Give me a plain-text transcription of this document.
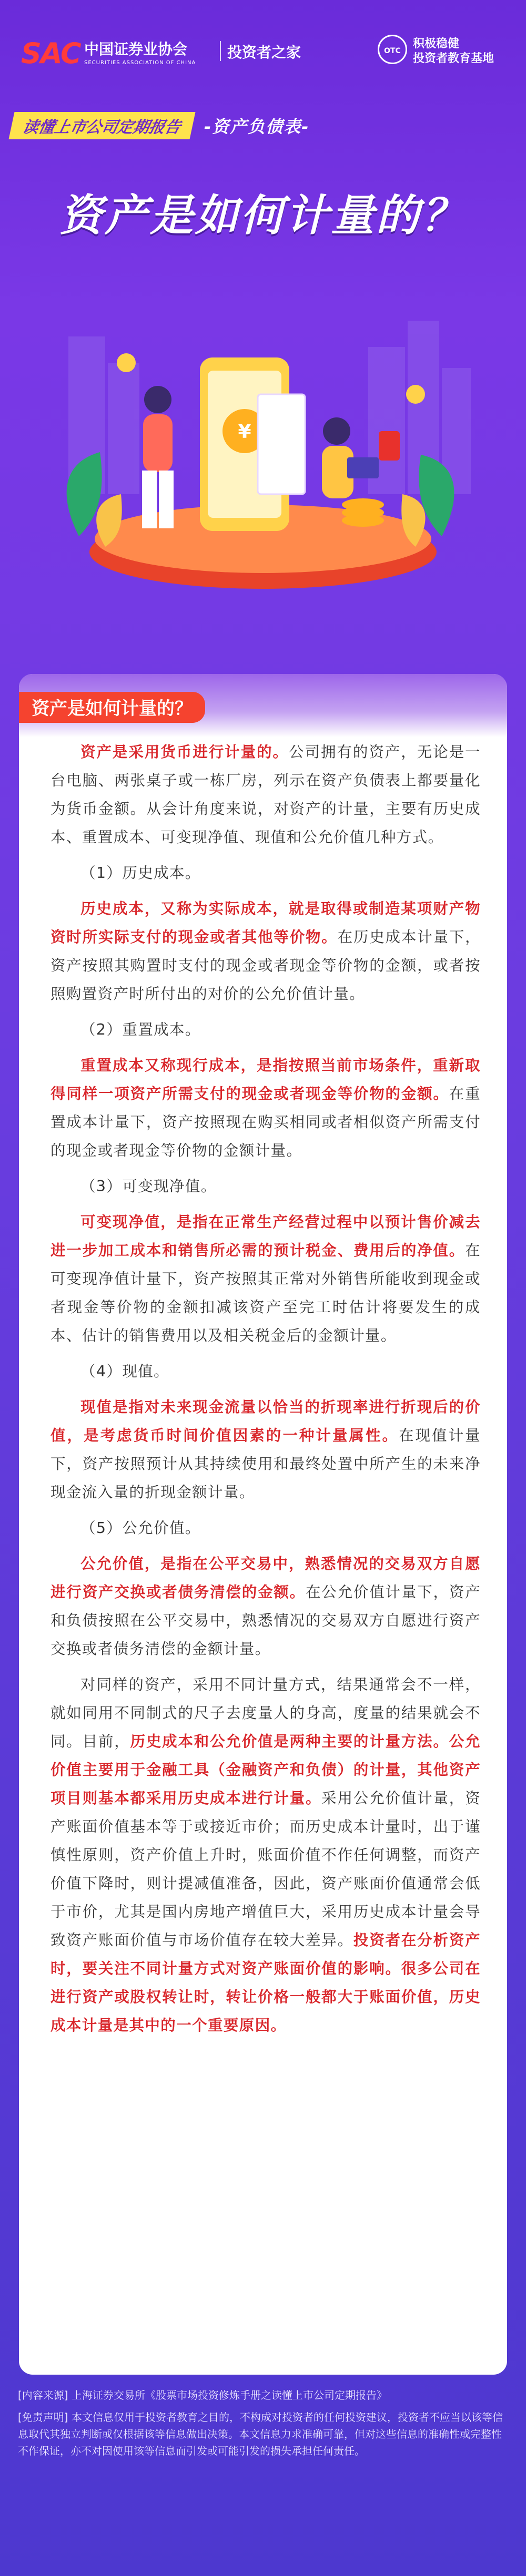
SAC 中国证券业协会
SECURITIES ASSOCIATION OF CHINA
投资者之家	OTC
积极稳健
投资者教育基地
读懂上市公司定期报告	-资产负债表-
资产是如何计量的？
¥
资产是如何计量的？

资产是采用货币进行计量的。公司拥有的资产，无论是一台电脑、两张桌子或一栋厂房，列示在资产负债表上都要量化为货币金额。从会计角度来说，对资产的计量，主要有历史成本、重置成本、可变现净值、现值和公允价值几种方式。

（1）历史成本。

历史成本，又称为实际成本，就是取得或制造某项财产物资时所实际支付的现金或者其他等价物。在历史成本计量下，资产按照其购置时支付的现金或者现金等价物的金额，或者按照购置资产时所付出的对价的公允价值计量。

（2）重置成本。

重置成本又称现行成本，是指按照当前市场条件，重新取得同样一项资产所需支付的现金或者现金等价物的金额。在重置成本计量下，资产按照现在购买相同或者相似资产所需支付的现金或者现金等价物的金额计量。

（3）可变现净值。

可变现净值，是指在正常生产经营过程中以预计售价减去进一步加工成本和销售所必需的预计税金、费用后的净值。在可变现净值计量下，资产按照其正常对外销售所能收到现金或者现金等价物的金额扣减该资产至完工时估计将要发生的成本、估计的销售费用以及相关税金后的金额计量。

（4）现值。

现值是指对未来现金流量以恰当的折现率进行折现后的价值，是考虑货币时间价值因素的一种计量属性。在现值计量下，资产按照预计从其持续使用和最终处置中所产生的未来净现金流入量的折现金额计量。

（5）公允价值。

公允价值，是指在公平交易中，熟悉情况的交易双方自愿进行资产交换或者债务清偿的金额。在公允价值计量下，资产和负债按照在公平交易中，熟悉情况的交易双方自愿进行资产交换或者债务清偿的金额计量。

对同样的资产，采用不同计量方式，结果通常会不一样，就如同用不同制式的尺子去度量人的身高，度量的结果就会不同。目前，历史成本和公允价值是两种主要的计量方法。公允价值主要用于金融工具（金融资产和负债）的计量，其他资产项目则基本都采用历史成本进行计量。采用公允价值计量，资产账面价值基本等于或接近市价；而历史成本计量时，出于谨慎性原则，资产价值上升时，账面价值不作任何调整，而资产价值下降时，则计提减值准备，因此，资产账面价值通常会低于市价，尤其是国内房地产增值巨大，采用历史成本计量会导致资产账面价值与市场价值存在较大差异。投资者在分析资产时，要关注不同计量方式对资产账面价值的影响。很多公司在进行资产或股权转让时，转让价格一般都大于账面价值，历史成本计量是其中的一个重要原因。

[内容来源] 上海证券交易所《股票市场投资修炼手册之读懂上市公司定期报告》

[免责声明] 本文信息仅用于投资者教育之目的，不构成对投资者的任何投资建议，投资者不应当以该等信息取代其独立判断或仅根据该等信息做出决策。本文信息力求准确可靠，但对这些信息的准确性或完整性不作保证，亦不对因使用该等信息而引发或可能引发的损失承担任何责任。
